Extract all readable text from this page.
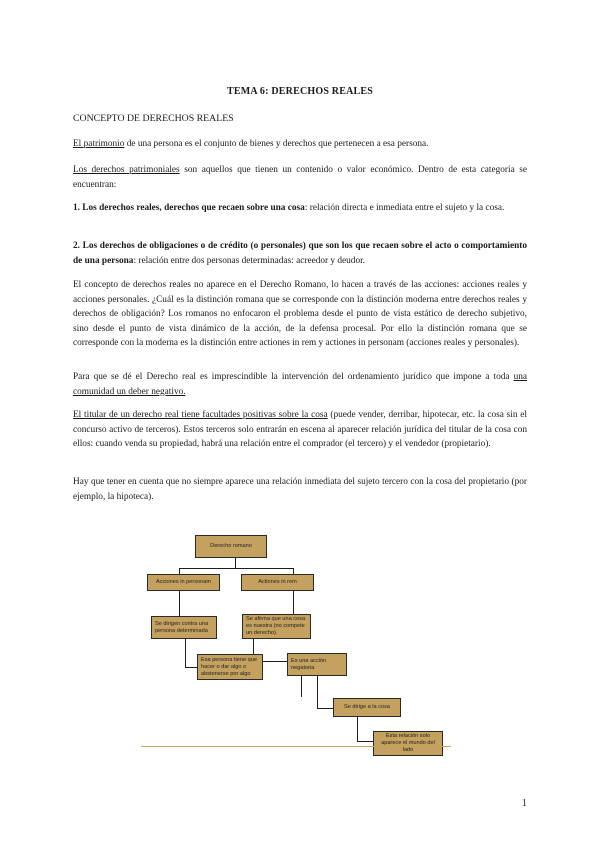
TEMA 6: DERECHOS REALES
CONCEPTO DE DERECHOS REALES
El patrimonio de una persona es el conjunto de bienes y derechos que pertenecen a esa persona.
Los derechos patrimoniales son aquellos que tienen un contenido o valor económico. Dentro de esta categoría se encuentran:
1. Los derechos reales, derechos que recaen sobre una cosa: relación directa e inmediata entre el sujeto y la cosa.
2. Los derechos de obligaciones o de crédito (o personales) que son los que recaen sobre el acto o comportamiento de una persona: relación entre dos personas determinadas: acreedor y deudor.
El concepto de derechos reales no aparece en el Derecho Romano, lo hacen a través de las acciones: acciones reales y acciones personales. ¿Cuál es la distinción romana que se corresponde con la distinción moderna entre derechos reales y derechos de obligación? Los romanos no enfocaron el problema desde el punto de vista estático de derecho subjetivo, sino desde el punto de vista dinámico de la acción, de la defensa procesal. Por ello la distinción romana que se corresponde con la moderna es la distinción entre actiones in rem y actiones in personam (acciones reales y personales).
Para que se dé el Derecho real es imprescindible la intervención del ordenamiento jurídico que impone a toda una comunidad un deber negativo.
El titular de un derecho real tiene facultades positivas sobre la cosa (puede vender, derribar, hipotecar, etc. la cosa sin el concurso activo de terceros). Estos terceros solo entrarán en escena al aparecer relación jurídica del titular de la cosa con ellos: cuando venda su propiedad, habrá una relación entre el comprador (el tercero) y el vendedor (propietario).
Hay que tener en cuenta que no siempre aparece una relación inmediata del sujeto tercero con la cosa del propietario (por ejemplo, la hipoteca).
Derecho romano
Acciones in personam	Actiones in rem
Se dirigen contra una persona determinada
Se afirma que una cosa es nuestra (no compete un derecho).
Esa persona tiene que hacer o dar algo o abstenerse por algo
Es una acción negatoria
Se dirige a la cosa
Esta relación solo aparece el mundo del lado
1
